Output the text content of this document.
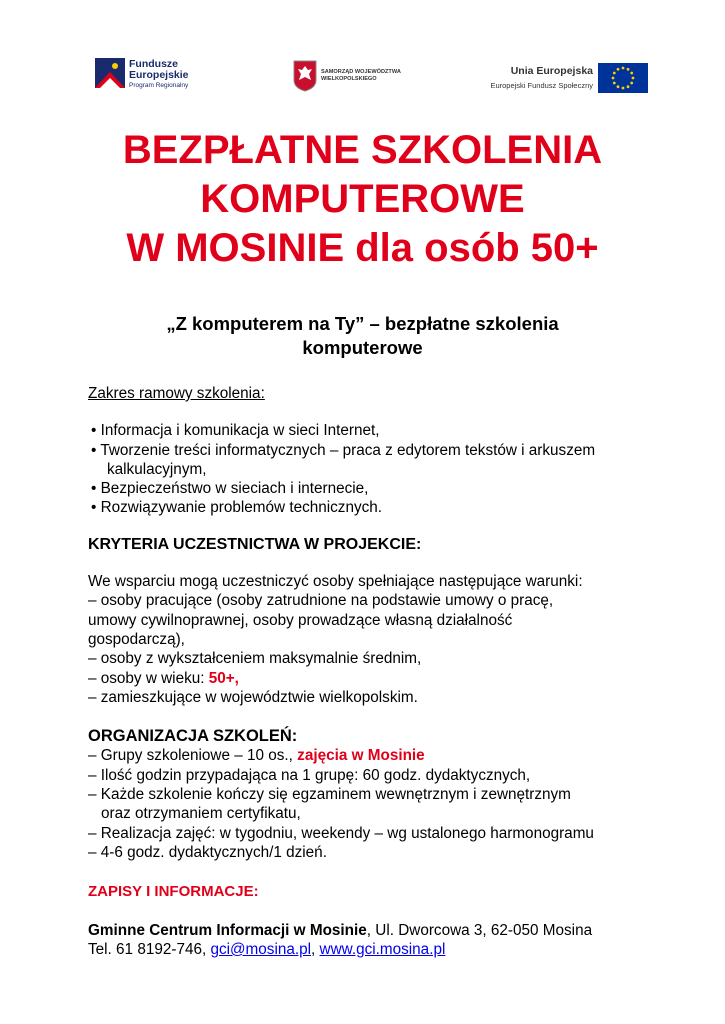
Fundusze
Europejskie
Program Regionalny
SAMORZĄD WOJEWÓDZTWA
WIELKOPOLSKIEGO
Unia Europejska
Europejski Fundusz Społeczny
BEZPŁATNE SZKOLENIA
KOMPUTEROWE
W MOSINIE dla osób 50+
„Z komputerem na Ty” – bezpłatne szkolenia
komputerowe

Zakres ramowy szkolenia:

• Informacja i komunikacja w sieci Internet,

• Tworzenie treści informatycznych – praca z edytorem tekstów i arkuszem

kalkulacyjnym,

• Bezpieczeństwo w sieciach i internecie,

• Rozwiązywanie problemów technicznych.

KRYTERIA UCZESTNICTWA W PROJEKCIE:

We wsparciu mogą uczestniczyć osoby spełniające następujące warunki:

– osoby pracujące (osoby zatrudnione na podstawie umowy o pracę,

umowy cywilnoprawnej, osoby prowadzące własną działalność

gospodarczą),

– osoby z wykształceniem maksymalnie średnim,

– osoby w wieku: 50+,

– zamieszkujące w województwie wielkopolskim.

ORGANIZACJA SZKOLEŃ:

– Grupy szkoleniowe – 10 os., zajęcia w Mosinie

– Ilość godzin przypadająca na 1 grupę: 60 godz. dydaktycznych,

– Każde szkolenie kończy się egzaminem wewnętrznym i zewnętrznym

oraz otrzymaniem certyfikatu,

– Realizacja zajęć: w tygodniu, weekendy – wg ustalonego harmonogramu

– 4-6 godz. dydaktycznych/1 dzień.

ZAPISY I INFORMACJE:

Gminne Centrum Informacji w Mosinie, Ul. Dworcowa 3, 62-050 Mosina

Tel. 61 8192-746, gci@mosina.pl, www.gci.mosina.pl
